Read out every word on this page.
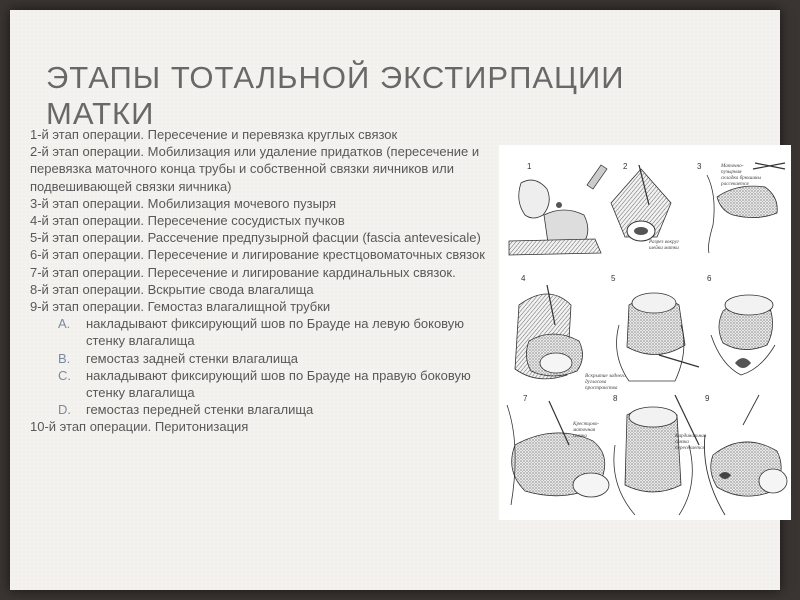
ЭТАПЫ ТОТАЛЬНОЙ ЭКСТИРПАЦИИ МАТКИ

1-й этап операции. Пересечение и перевязка круглых связок

2-й этап операции. Мобилизация или удаление придатков (пересечение и перевязка маточного конца трубы и собственной связки яичников или подвешивающей связки яичника)

3-й этап операции. Мобилизация мочевого пузыря

4-й этап операции. Пересечение сосудистых пучков

5-й этап операции. Рассечение предпузырной фасции (fascia antevesicale)

6-й этап операции. Пересечение и лигирование крестцовоматочных связок

7-й этап операции. Пересечение и лигирование кардинальных связок.

8-й этап операции. Вскрытие свода влагалища

9-й этап операции. Гемостаз влагалищной трубки

A. накладывают фиксирующий шов по Брауде на левую боковую стенку влагалища

B. гемостаз задней стенки влагалища

C. накладывают фиксирующий шов по Брауде на правую боковую стенку влагалища

D. гемостаз передней стенки влагалища

10-й этап операции. Перитонизация

1	2
Разрез вокруг
шейки матки
3	Маточно-
пузырная
складка брюшины
рассекается
4	5
Вскрытие заднего
дугласова
пространства
6
7
Крестцово-
маточная
связка
8
Кардинальная
связка
пересекается
9
